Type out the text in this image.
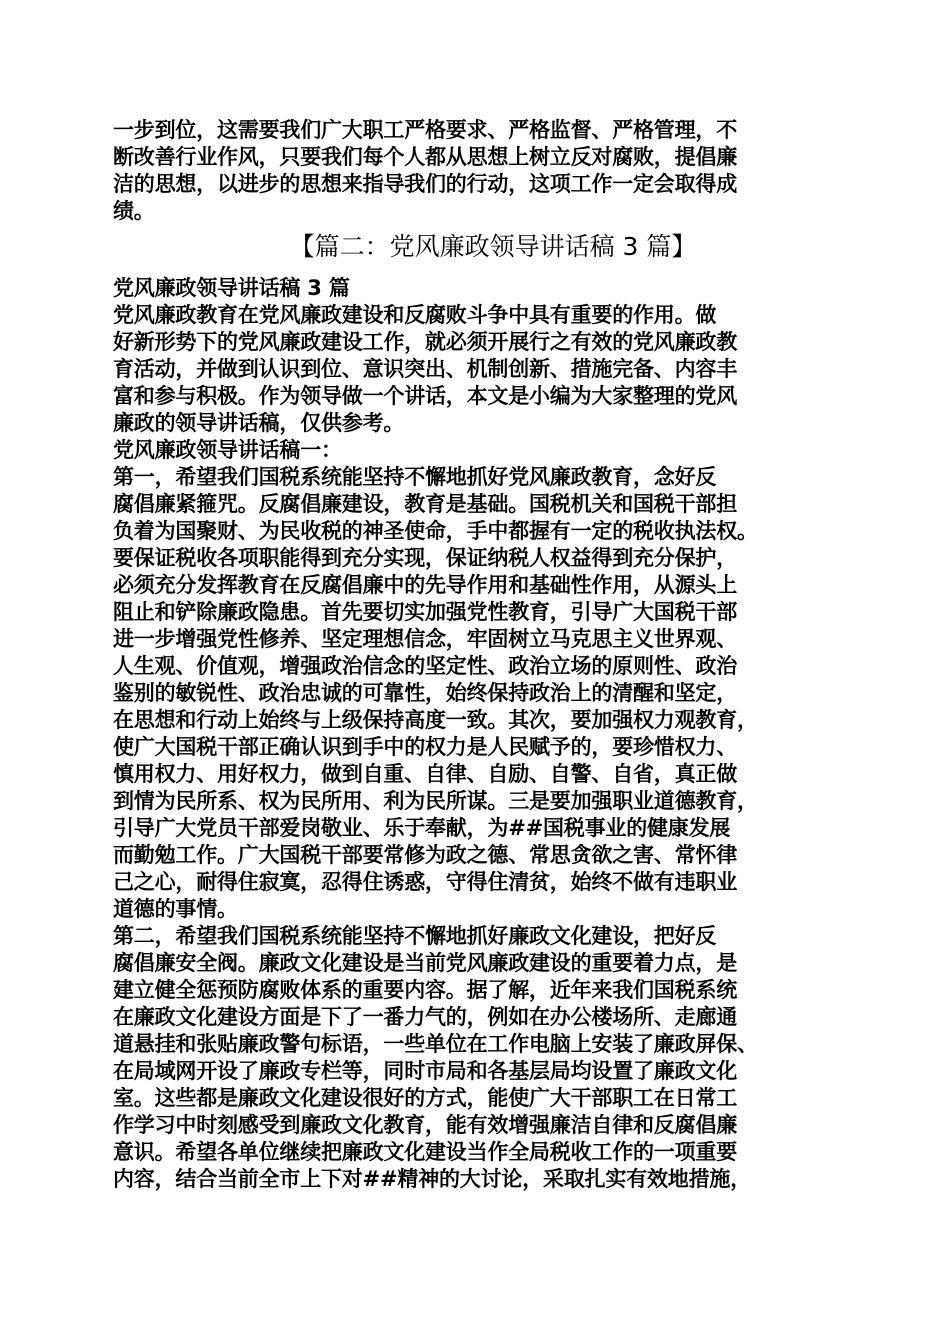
一步到位，这需要我们广大职工严格要求、严格监督、严格管理，不
断改善行业作风，只要我们每个人都从思想上树立反对腐败，提倡廉
洁的思想，以进步的思想来指导我们的行动，这项工作一定会取得成
绩。
【篇二：党风廉政领导讲话稿 3 篇】
党风廉政领导讲话稿 3 篇
党风廉政教育在党风廉政建设和反腐败斗争中具有重要的作用。做
好新形势下的党风廉政建设工作，就必须开展行之有效的党风廉政教
育活动，并做到认识到位、意识突出、机制创新、措施完备、内容丰
富和参与积极。作为领导做一个讲话，本文是小编为大家整理的党风
廉政的领导讲话稿，仅供参考。
党风廉政领导讲话稿一：
第一，希望我们国税系统能坚持不懈地抓好党风廉政教育，念好反
腐倡廉紧箍咒。反腐倡廉建设，教育是基础。国税机关和国税干部担
负着为国聚财、为民收税的神圣使命，手中都握有一定的税收执法权。
要保证税收各项职能得到充分实现，保证纳税人权益得到充分保护，
必须充分发挥教育在反腐倡廉中的先导作用和基础性作用，从源头上
阻止和铲除廉政隐患。首先要切实加强党性教育，引导广大国税干部
进一步增强党性修养、坚定理想信念，牢固树立马克思主义世界观、
人生观、价值观，增强政治信念的坚定性、政治立场的原则性、政治
鉴别的敏锐性、政治忠诚的可靠性，始终保持政治上的清醒和坚定，
在思想和行动上始终与上级保持高度一致。其次，要加强权力观教育，
使广大国税干部正确认识到手中的权力是人民赋予的，要珍惜权力、
慎用权力、用好权力，做到自重、自律、自励、自警、自省，真正做
到情为民所系、权为民所用、利为民所谋。三是要加强职业道德教育，
引导广大党员干部爱岗敬业、乐于奉献，为##国税事业的健康发展
而勤勉工作。广大国税干部要常修为政之德、常思贪欲之害、常怀律
己之心，耐得住寂寞，忍得住诱惑，守得住清贫，始终不做有违职业
道德的事情。
第二，希望我们国税系统能坚持不懈地抓好廉政文化建设，把好反
腐倡廉安全阀。廉政文化建设是当前党风廉政建设的重要着力点，是
建立健全惩预防腐败体系的重要内容。据了解，近年来我们国税系统
在廉政文化建设方面是下了一番力气的，例如在办公楼场所、走廊通
道悬挂和张贴廉政警句标语，一些单位在工作电脑上安装了廉政屏保、
在局域网开设了廉政专栏等，同时市局和各基层局均设置了廉政文化
室。这些都是廉政文化建设很好的方式，能使广大干部职工在日常工
作学习中时刻感受到廉政文化教育，能有效增强廉洁自律和反腐倡廉
意识。希望各单位继续把廉政文化建设当作全局税收工作的一项重要
内容，结合当前全市上下对##精神的大讨论，采取扎实有效地措施，
